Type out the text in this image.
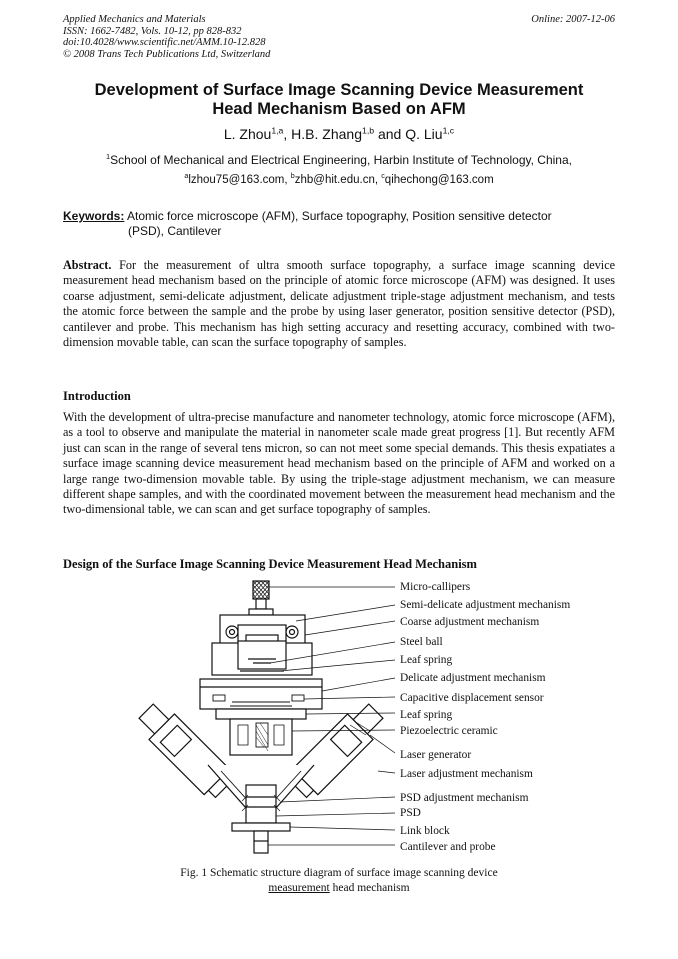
Applied Mechanics and Materials
ISSN: 1662-7482, Vols. 10-12, pp 828-832
doi:10.4028/www.scientific.net/AMM.10-12.828
© 2008 Trans Tech Publications Ltd, Switzerland
Online: 2007-12-06
Development of Surface Image Scanning Device Measurement
Head Mechanism Based on AFM
L. Zhou$^{1,a}$, H.B. Zhang$^{1,b}$ and Q. Liu$^{1,c}$
$^1$School of Mechanical and Electrical Engineering, Harbin Institute of Technology, China,
$^a$lzhou75@163.com, $^b$zhb@hit.edu.cn, $^c$qihechong@163.com
Keywords: Atomic force microscope (AFM), Surface topography, Position sensitive detector
(PSD), Cantilever
Abstract. For the measurement of ultra smooth surface topography, a surface image scanning device measurement head mechanism based on the principle of atomic force microscope (AFM) was designed. It uses coarse adjustment, semi-delicate adjustment, delicate adjustment triple-stage adjustment mechanism, and tests the atomic force between the sample and the probe by using laser generator, position sensitive detector (PSD), cantilever and probe. This mechanism has high setting accuracy and resetting accuracy, combined with two-dimension movable table, can scan the surface topography of samples.
Introduction
With the development of ultra-precise manufacture and nanometer technology, atomic force microscope (AFM), as a tool to observe and manipulate the material in nanometer scale made great progress [1]. But recently AFM just can scan in the range of several tens micron, so can not meet some special demands. This thesis expatiates a surface image scanning device measurement head mechanism based on the principle of AFM and worked on a large range two-dimension movable table. By using the triple-stage adjustment mechanism, we can measure different shape samples, and with the coordinated movement between the measurement head mechanism and the two-dimensional table, we can scan and get surface topography of samples.
Design of the Surface Image Scanning Device Measurement Head Mechanism
Micro-callipers
Semi-delicate adjustment mechanism
Coarse adjustment mechanism
Steel ball
Leaf spring
Delicate adjustment mechanism
Capacitive displacement sensor
Leaf spring
Piezoelectric ceramic
Laser generator
Laser adjustment mechanism
PSD adjustment mechanism
PSD
Link block
Cantilever and probe
Fig. 1 Schematic structure diagram of surface image scanning device
measurement head mechanism
